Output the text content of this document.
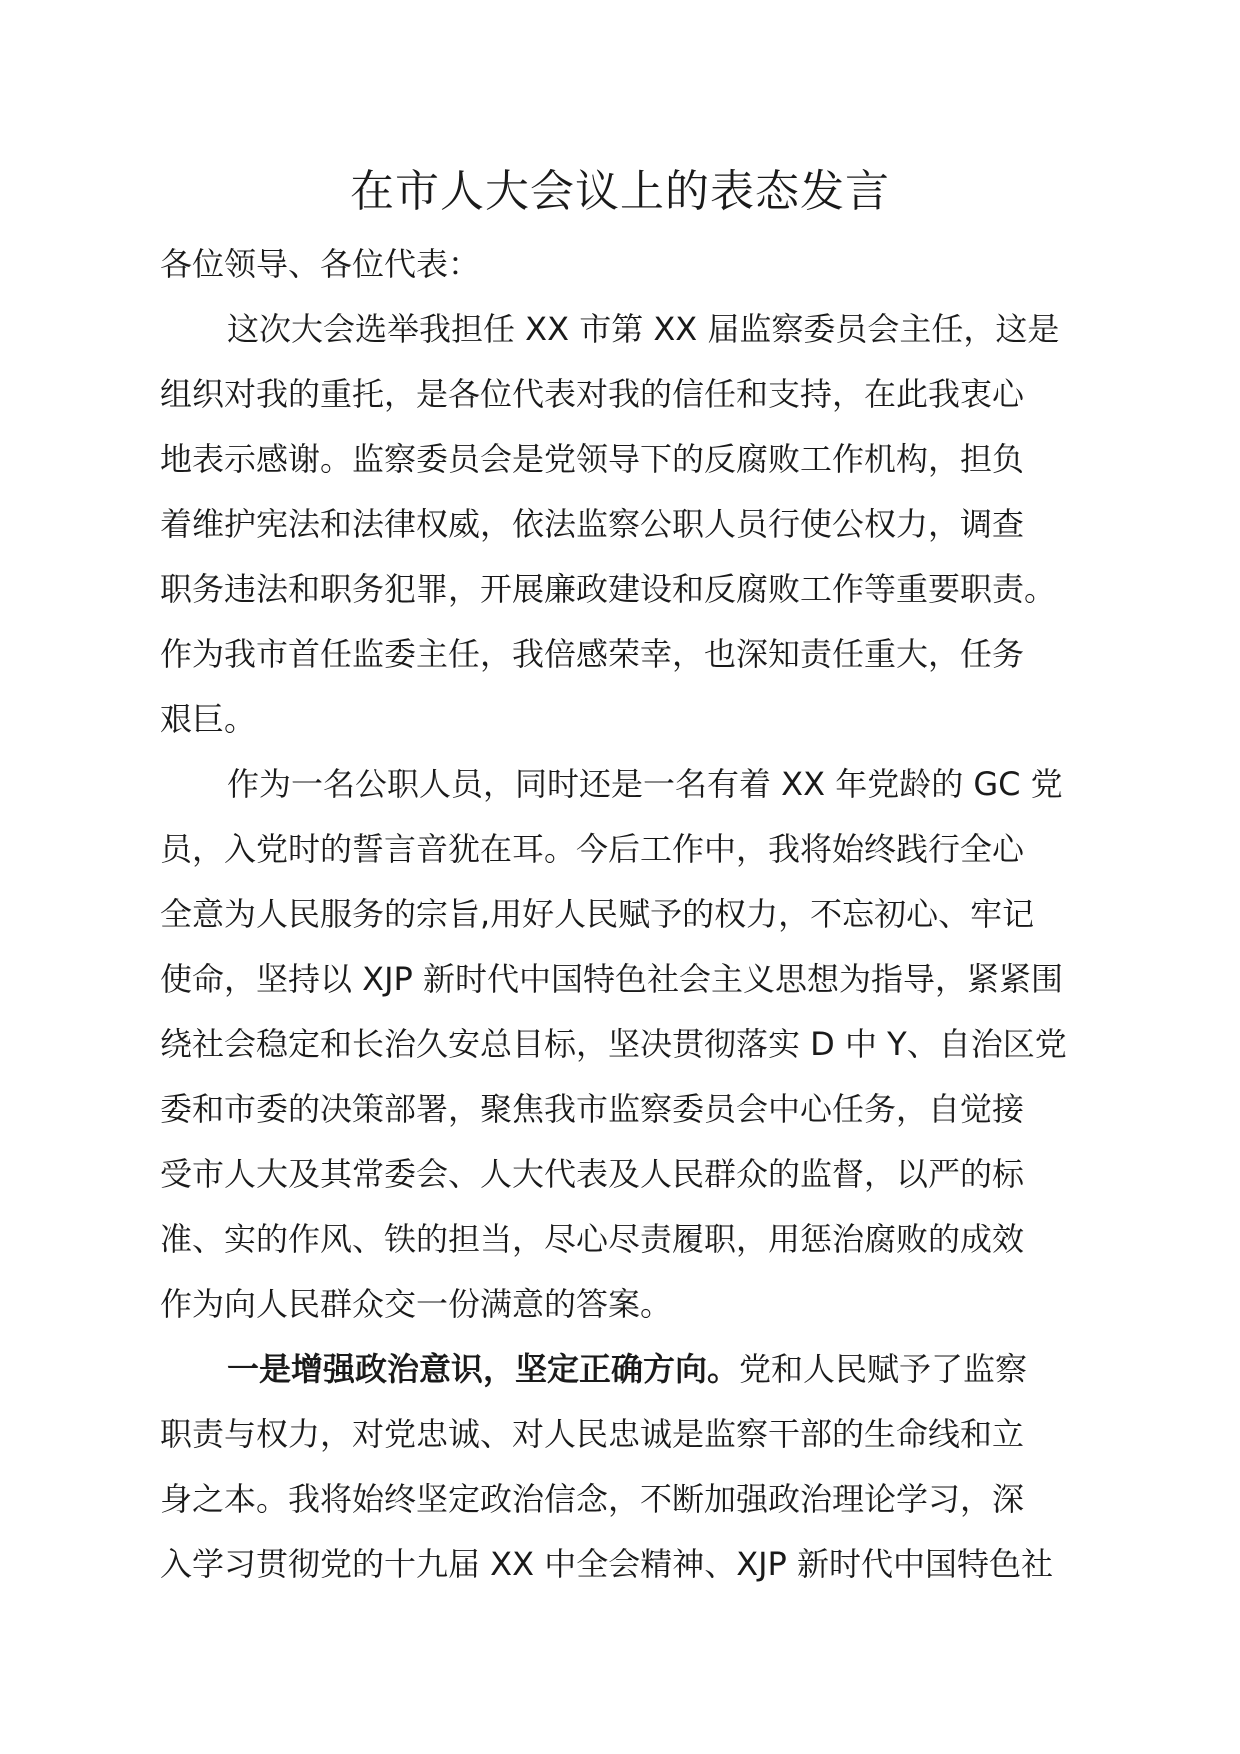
在市人大会议上的表态发言
各位领导、各位代表：
这次大会选举我担任 XX 市第 XX 届监察委员会主任，这是
组织对我的重托，是各位代表对我的信任和支持，在此我衷心
地表示感谢。监察委员会是党领导下的反腐败工作机构，担负
着维护宪法和法律权威，依法监察公职人员行使公权力，调查
职务违法和职务犯罪，开展廉政建设和反腐败工作等重要职责。
作为我市首任监委主任，我倍感荣幸，也深知责任重大，任务
艰巨。
作为一名公职人员，同时还是一名有着 XX 年党龄的 GC 党
员，入党时的誓言音犹在耳。今后工作中，我将始终践行全心
全意为人民服务的宗旨,用好人民赋予的权力，不忘初心、牢记
使命，坚持以 XJP 新时代中国特色社会主义思想为指导，紧紧围
绕社会稳定和长治久安总目标，坚决贯彻落实 D 中 Y、自治区党
委和市委的决策部署，聚焦我市监察委员会中心任务，自觉接
受市人大及其常委会、人大代表及人民群众的监督，以严的标
准、实的作风、铁的担当，尽心尽责履职，用惩治腐败的成效
作为向人民群众交一份满意的答案。
一是增强政治意识，坚定正确方向。党和人民赋予了监察
职责与权力，对党忠诚、对人民忠诚是监察干部的生命线和立
身之本。我将始终坚定政治信念，不断加强政治理论学习，深
入学习贯彻党的十九届 XX 中全会精神、XJP 新时代中国特色社
